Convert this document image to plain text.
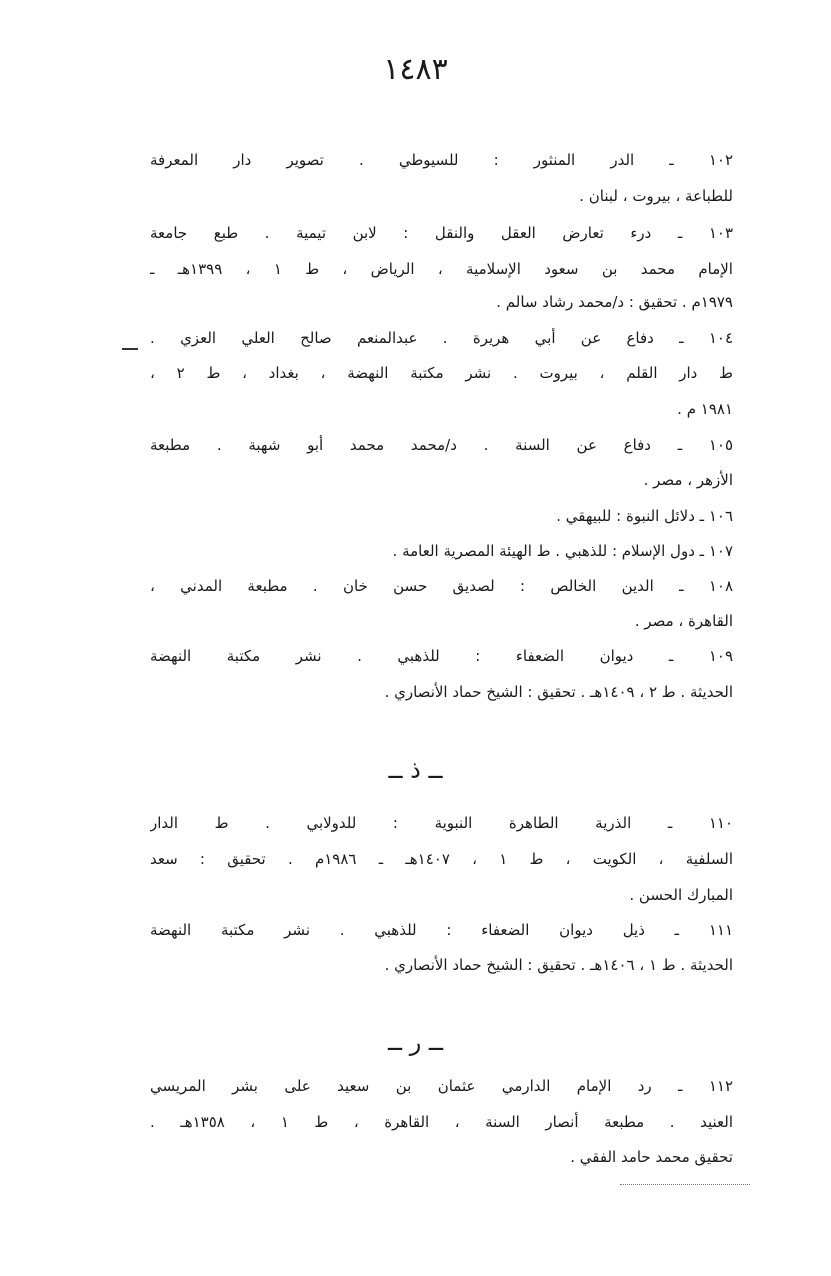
١٤٨٣
١٠٢ ـ الدر المنثور : للسيوطي . تصوير دار المعرفة
للطباعة ، بيروت ، لبنان .
١٠٣ ـ درء تعارض العقل والنقل : لابن تيمية . طبع جامعة
الإمام محمد بن سعود الإسلامية ، الرياض ، ط ١ ، ١٣٩٩هـ ـ
١٩٧٩م . تحقيق : د/محمد رشاد سالم .
١٠٤ ـ دفاع عن أبي هريرة . عبدالمنعم صالح العلي العزي .
ط دار القلم ، بيروت . نشر مكتبة النهضة ، بغداد ، ط ٢ ،
١٩٨١ م .
١٠٥ ـ دفاع عن السنة . د/محمد محمد أبو شهبة . مطبعة
الأزهر ، مصر .
١٠٦ ـ دلائل النبوة : للبيهقي .
١٠٧ ـ دول الإسلام : للذهبي . ط الهيئة المصرية العامة .
١٠٨ ـ الدين الخالص : لصديق حسن خان . مطبعة المدني ،
القاهرة ، مصر .
١٠٩ ـ ديوان الضعفاء : للذهبي . نشر مكتبة النهضة
الحديثة . ط ٢ ، ١٤٠٩هـ . تحقيق : الشيخ حماد الأنصاري .
ــ ذ ــ
١١٠ ـ الذرية الطاهرة النبوية : للدولابي . ط الدار
السلفية ، الكويت ، ط ١ ، ١٤٠٧هـ ـ ١٩٨٦م . تحقيق : سعد
المبارك الحسن .
١١١ ـ ذيل ديوان الضعفاء : للذهبي . نشر مكتبة النهضة
الحديثة . ط ١ ، ١٤٠٦هـ . تحقيق : الشيخ حماد الأنصاري .
ــ ر ــ
١١٢ ـ رد الإمام الدارمي عثمان بن سعيد على بشر المريسي
العنيد . مطبعة أنصار السنة ، القاهرة ، ط ١ ، ١٣٥٨هـ .
تحقيق محمد حامد الفقي .
